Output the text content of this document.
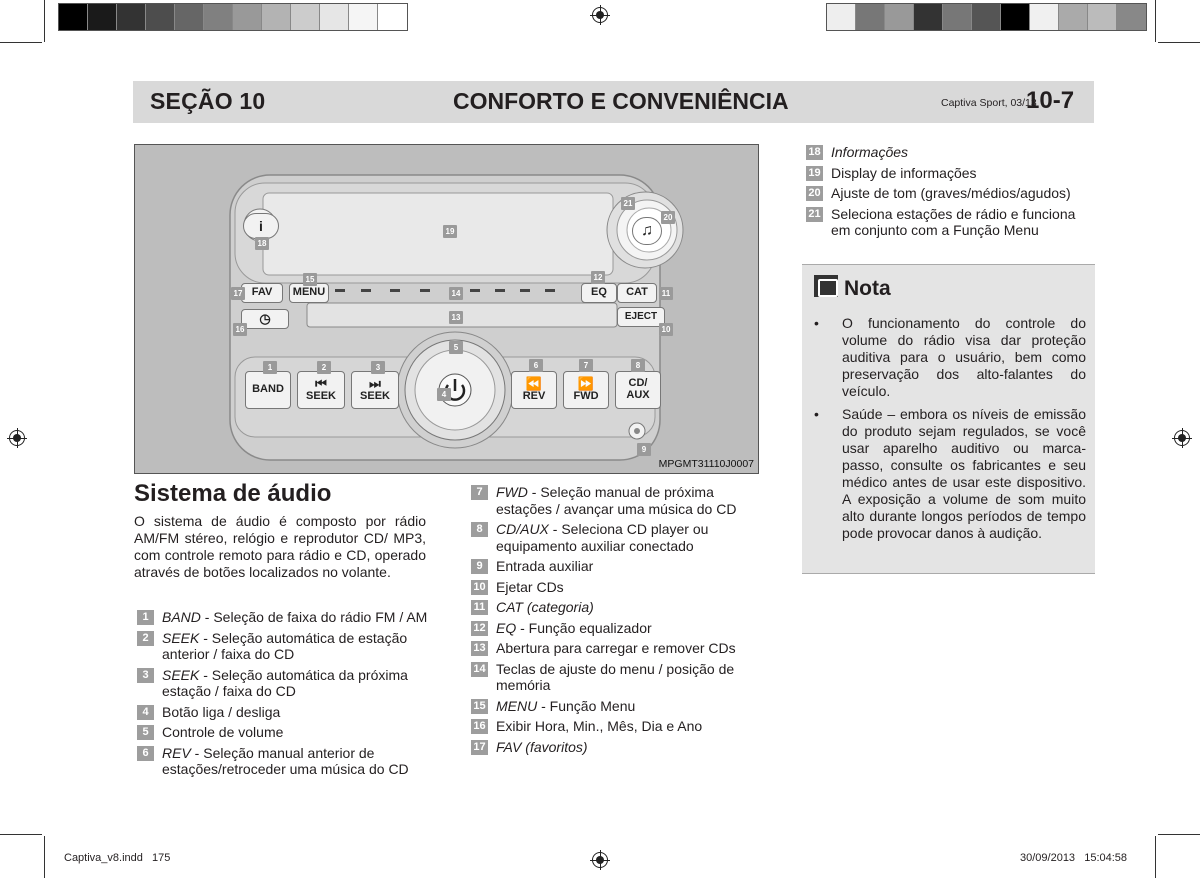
SEÇÃO 10	CONFORTO E CONVENIÊNCIA	Captiva Sport, 03/13
10-7
i	♫
FAV	MENU	EQ	CAT
◷	EJECT
BAND	⏮
SEEK
⏭
SEEK
⏪
REV
⏩
FWD
CD/ AUX
1	2	3
4
5
6	7	8
9
10
11
12
13
14
15
16
17
18
19
20
21
MPGMT31110J0007
Sistema de áudio
O sistema de áudio é composto por rádio AM/FM stéreo, relógio e reprodutor CD/ MP3, com controle remoto para rádio e CD, operado através de botões localizados no volante.
1 BAND - Seleção de faixa do rádio FM / AM
2 SEEK - Seleção automática de estação anterior / faixa do CD
3 SEEK - Seleção automática da próxima estação / faixa do CD
4 Botão liga / desliga
5 Controle de volume
6 REV - Seleção manual anterior de estações/retroceder uma música do CD
7 FWD - Seleção manual de próxima estações / avançar uma música do CD
8 CD/AUX - Seleciona CD player ou equipamento auxiliar conectado
9 Entrada auxiliar
10 Ejetar CDs
11 CAT (categoria)
12 EQ - Função equalizador
13 Abertura para carregar e remover CDs
14 Teclas de ajuste do menu / posição de memória
15 MENU - Função Menu
16 Exibir Hora, Min., Mês, Dia e Ano
17 FAV (favoritos)
18 Informações
19 Display de informações
20 Ajuste de tom (graves/médios/agudos)
21 Seleciona estações de rádio e funciona em conjunto com a Função Menu
Nota
• O funcionamento do controle do volume do rádio visa dar proteção auditiva para o usuário, bem como preservação dos alto-falantes do veículo.
• Saúde – embora os níveis de emissão do produto sejam regulados, se você usar aparelho auditivo ou marca-passo, consulte os fabricantes e seu médico antes de usar este dispositivo. A exposição a volume de som muito alto durante longos períodos de tempo pode provocar danos à audição.
Captiva_v8.indd   175	30/09/2013   15:04:58
